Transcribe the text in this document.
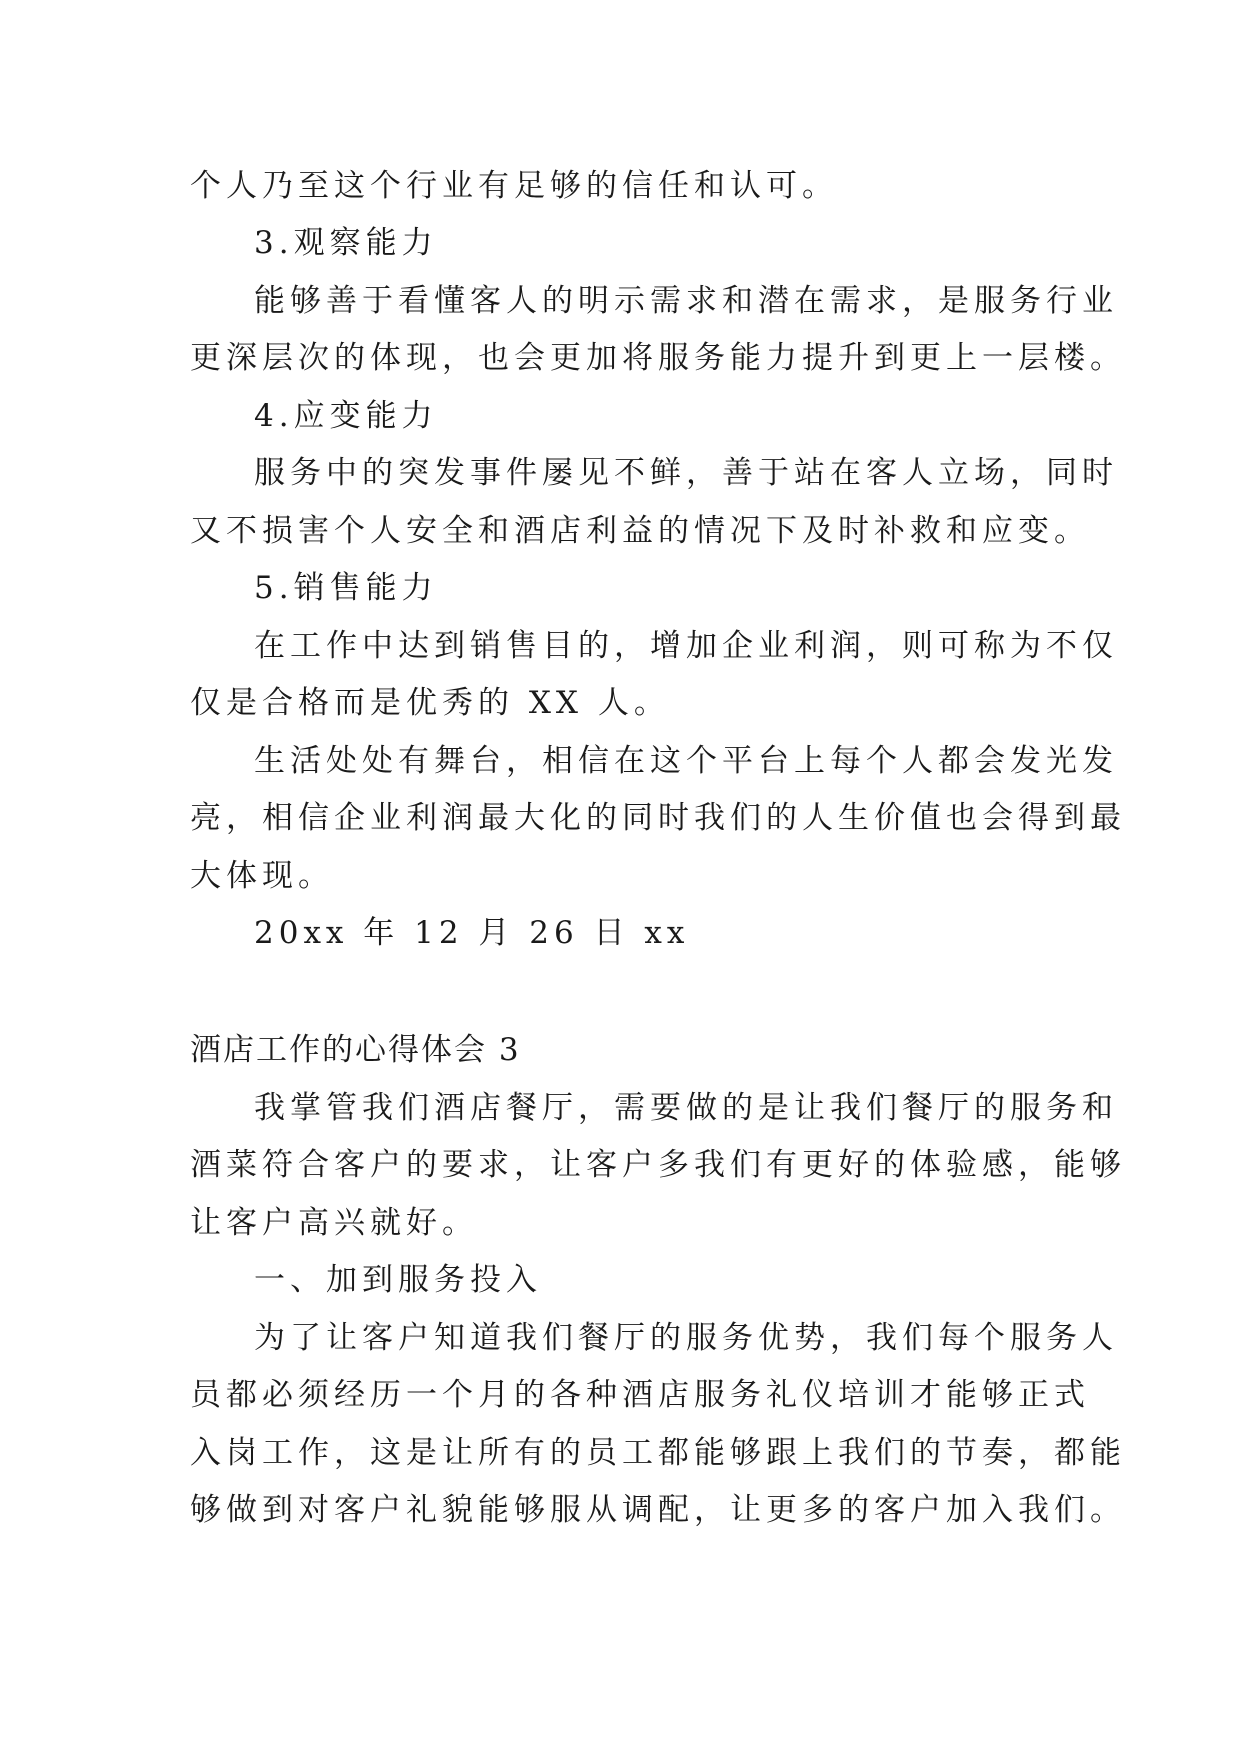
个人乃至这个行业有足够的信任和认可。
3.观察能力
能够善于看懂客人的明示需求和潜在需求，是服务行业
更深层次的体现，也会更加将服务能力提升到更上一层楼。
4.应变能力
服务中的突发事件屡见不鲜，善于站在客人立场，同时
又不损害个人安全和酒店利益的情况下及时补救和应变。
5.销售能力
在工作中达到销售目的，增加企业利润，则可称为不仅
仅是合格而是优秀的 XX 人。
生活处处有舞台，相信在这个平台上每个人都会发光发
亮，相信企业利润最大化的同时我们的人生价值也会得到最
大体现。
20xx 年 12 月 26 日 xx
酒店工作的心得体会 3
我掌管我们酒店餐厅，需要做的是让我们餐厅的服务和
酒菜符合客户的要求，让客户多我们有更好的体验感，能够
让客户高兴就好。
一、加到服务投入
为了让客户知道我们餐厅的服务优势，我们每个服务人
员都必须经历一个月的各种酒店服务礼仪培训才能够正式
入岗工作，这是让所有的员工都能够跟上我们的节奏，都能
够做到对客户礼貌能够服从调配，让更多的客户加入我们。
